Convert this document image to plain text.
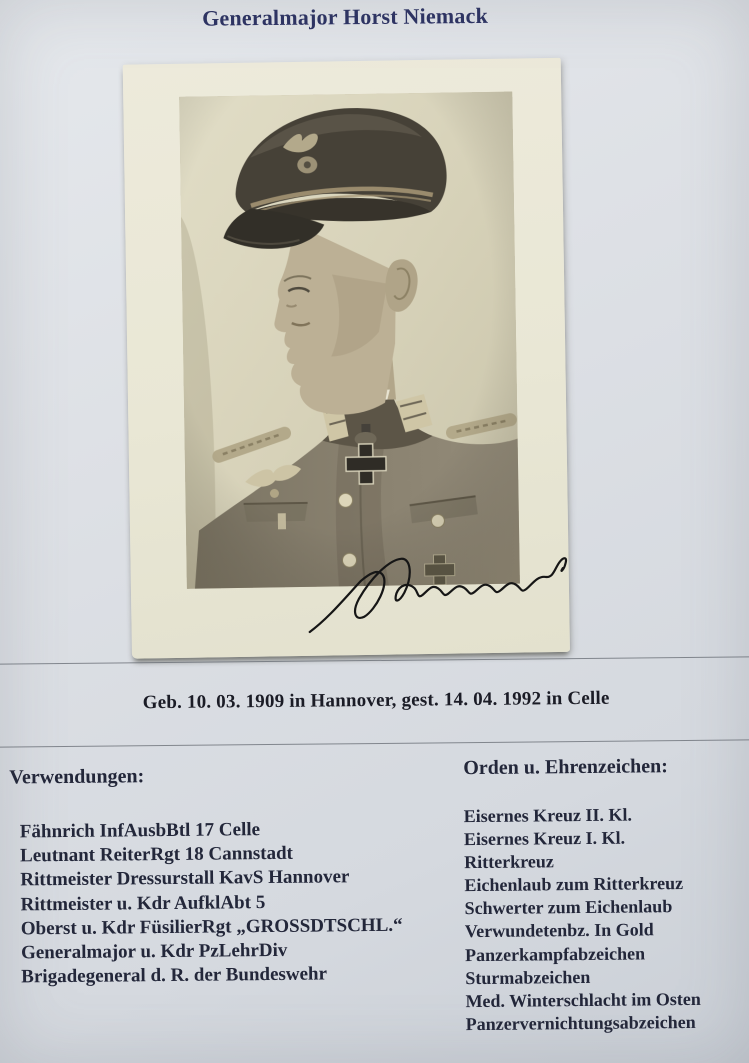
Generalmajor Horst Niemack
Geb. 10. 03. 1909 in Hannover, gest. 14. 04. 1992 in Celle
Verwendungen:
Fähnrich InfAusbBtl 17 Celle
Leutnant ReiterRgt 18 Cannstadt
Rittmeister Dressurstall KavS Hannover
Rittmeister u. Kdr AufklAbt 5
Oberst u. Kdr FüsilierRgt „GROSSDTSCHL.“
Generalmajor u. Kdr PzLehrDiv
Brigadegeneral d. R. der Bundeswehr
Orden u. Ehrenzeichen:
Eisernes Kreuz II. Kl.
Eisernes Kreuz I. Kl.
Ritterkreuz
Eichenlaub zum Ritterkreuz
Schwerter zum Eichenlaub
Verwundetenbz. In Gold
Panzerkampfabzeichen
Sturmabzeichen
Med. Winterschlacht im Osten
Panzervernichtungsabzeichen
